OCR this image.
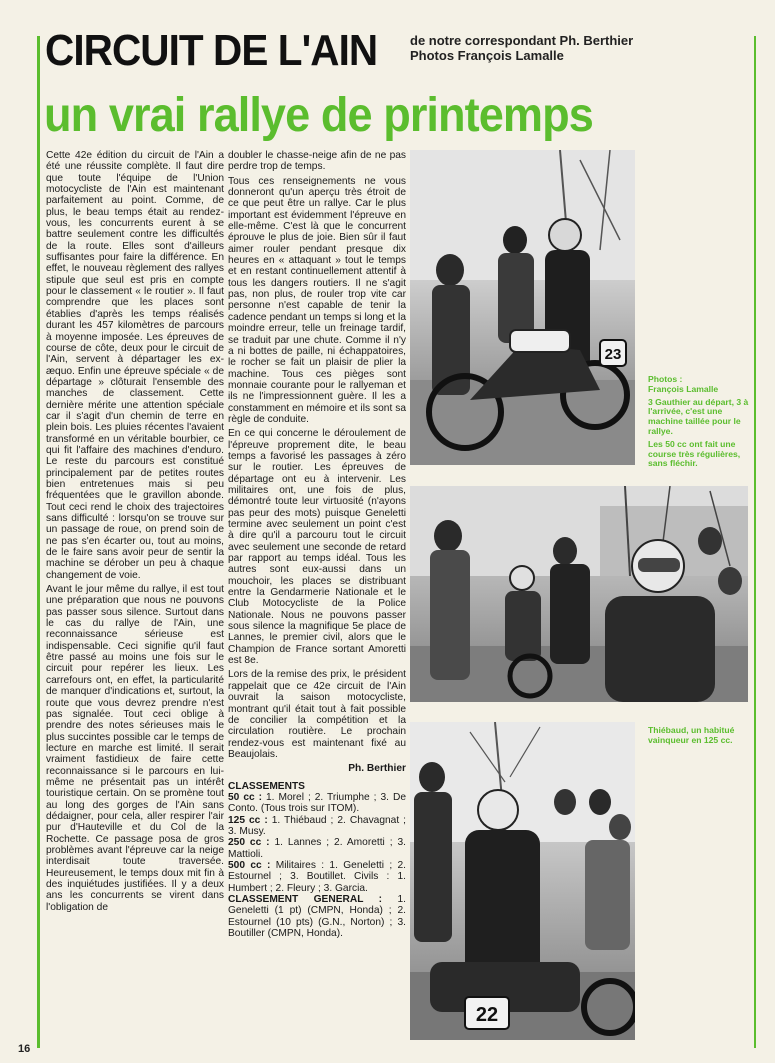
CIRCUIT DE L'AIN	de notre correspondant Ph. Berthier
Photos François Lamalle
un vrai rallye de printemps

Cette 42e édition du circuit de l'Ain a été une réussite complète. Il faut dire que toute l'équipe de l'Union motocycliste de l'Ain est maintenant parfaitement au point. Comme, de plus, le beau temps était au rendez-vous, les concurrents eurent à se battre seulement contre les difficultés de la route. Elles sont d'ailleurs suffisantes pour faire la différence. En effet, le nouveau règlement des rallyes stipule que seul est pris en compte pour le classement « le routier ». Il faut comprendre que les places sont établies d'après les temps réalisés durant les 457 kilomètres de parcours à moyenne imposée. Les épreuves de course de côte, deux pour le circuit de l'Ain, servent à départager les ex-æquo. Enfin une épreuve spéciale « de départage » clôturait l'ensemble des manches de classement. Cette dernière mérite une attention spéciale car il s'agit d'un chemin de terre en plein bois. Les pluies récentes l'avaient transformé en un véritable bourbier, ce qui fit l'affaire des machines d'enduro. Le reste du parcours est constitué principalement par de petites routes bien entretenues mais si peu fréquentées que le gravillon abonde. Tout ceci rend le choix des trajectoires sans difficulté : lorsqu'on se trouve sur un passage de roue, on prend soin de ne pas s'en écarter ou, tout au moins, de le faire sans avoir peur de sentir la machine se dérober un peu à chaque changement de voie.

Avant le jour même du rallye, il est tout une préparation que nous ne pouvons pas passer sous silence. Surtout dans le cas du rallye de l'Ain, une reconnaissance sérieuse est indispensable. Ceci signifie qu'il faut être passé au moins une fois sur le circuit pour repérer les lieux. Les carrefours ont, en effet, la particularité de manquer d'indications et, surtout, la route que vous devrez prendre n'est pas signalée. Tout ceci oblige à prendre des notes sérieuses mais le plus succintes possible car le temps de lecture en marche est limité. Il serait vraiment fastidieux de faire cette reconnaissance si le parcours en lui-même ne présentait pas un intérêt touristique certain. On se promène tout au long des gorges de l'Ain sans dédaigner, pour cela, aller respirer l'air pur d'Hauteville et du Col de la Rochette. Ce passage posa de gros problèmes avant l'épreuve car la neige interdisait toute traversée. Heureusement, le temps doux mit fin à des inquiétudes justifiées. Il y a deux ans les concurrents se virent dans l'obligation de

doubler le chasse-neige afin de ne pas perdre trop de temps.

Tous ces renseignements ne vous donneront qu'un aperçu très étroit de ce que peut être un rallye. Car le plus important est évidemment l'épreuve en elle-même. C'est là que le concurrent éprouve le plus de joie. Bien sûr il faut aimer rouler pendant presque dix heures en « attaquant » tout le temps et en restant continuellement attentif à tous les dangers routiers. Il ne s'agit pas, non plus, de rouler trop vite car personne n'est capable de tenir la cadence pendant un temps si long et la moindre erreur, telle un freinage tardif, se traduit par une chute. Comme il n'y a ni bottes de paille, ni échappatoires, le rocher se fait un plaisir de plier la machine. Tous ces pièges sont monnaie courante pour le rallyeman et ils ne l'impressionnent guère. Il les a constamment en mémoire et ils sont sa règle de conduite.

En ce qui concerne le déroulement de l'épreuve proprement dite, le beau temps a favorisé les passages à zéro sur le routier. Les épreuves de départage ont eu à intervenir. Les militaires ont, une fois de plus, démontré toute leur virtuosité (n'ayons pas peur des mots) puisque Geneletti termine avec seulement un point c'est à dire qu'il a parcouru tout le circuit avec seulement une seconde de retard par rapport au temps idéal. Tous les autres sont eux-aussi dans un mouchoir, les places se distribuant entre la Gendarmerie Nationale et le Club Motocycliste de la Police Nationale. Nous ne pouvons passer sous silence la magnifique 5e place de Lannes, le premier civil, alors que le Champion de France sortant Amoretti est 8e.

Lors de la remise des prix, le président rappelait que ce 42e circuit de l'Ain ouvrait la saison motocycliste, montrant qu'il était tout à fait possible de concilier la compétition et la circulation routière. Le prochain rendez-vous est maintenant fixé au Beaujolais.

Ph. Berthier
CLASSEMENTS
50 cc : 1. Morel ; 2. Triumphe ; 3. De Conto. (Tous trois sur ITOM).
125 cc : 1. Thiébaud ; 2. Chavagnat ; 3. Musy.
250 cc : 1. Lannes ; 2. Amoretti ; 3. Mattioli.
500 cc : Militaires : 1. Geneletti ; 2. Estournel ; 3. Boutillet. Civils : 1. Humbert ; 2. Fleury ; 3. Garcia.
CLASSEMENT GENERAL : 1. Geneletti (1 pt) (CMPN, Honda) ; 2. Estournel (10 pts) (G.N., Norton) ; 3. Boutiller (CMPN, Honda).
23
22

Photos :
François Lamalle

3 Gauthier au départ, 3 à l'arrivée, c'est une machine taillée pour le rallye.

Les 50 cc ont fait une course très régulières, sans fléchir.

Thiébaud, un habitué vainqueur en 125 cc.
16
